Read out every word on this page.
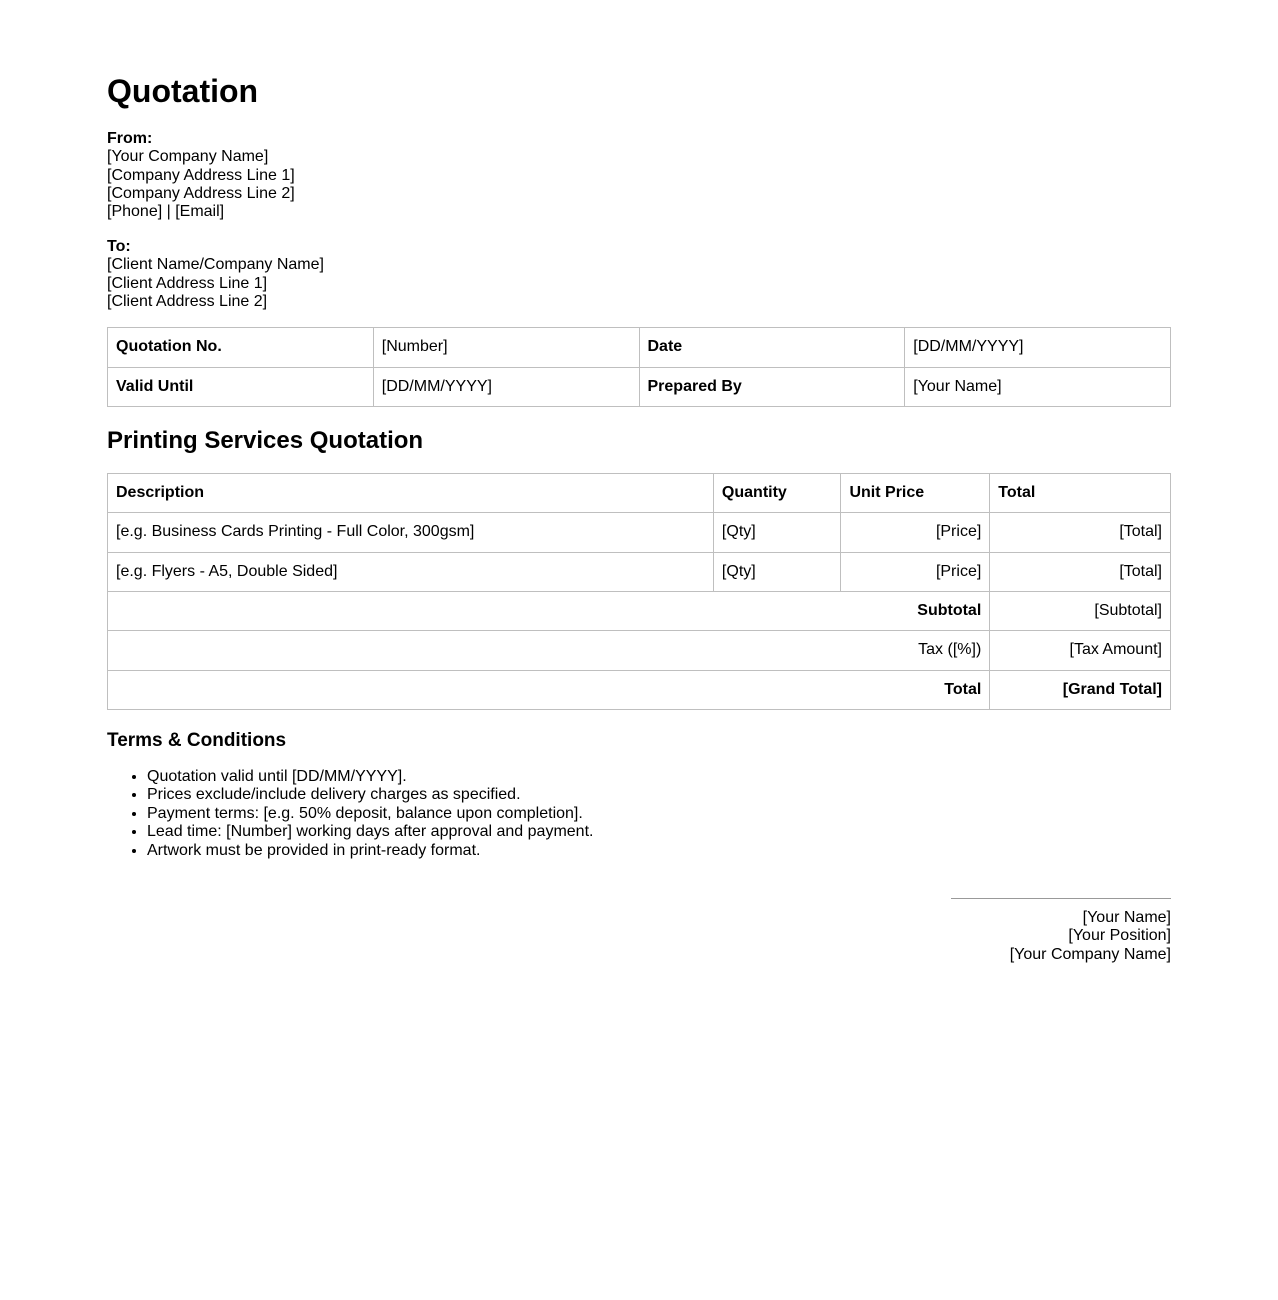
Quotation
From:
[Your Company Name]
[Company Address Line 1]
[Company Address Line 2]
[Phone] | [Email]
To:
[Client Name/Company Name]
[Client Address Line 1]
[Client Address Line 2]
Quotation No.	[Number]	Date	[DD/MM/YYYY]
Valid Until	[DD/MM/YYYY]	Prepared By	[Your Name]
Printing Services Quotation
Description	Quantity	Unit Price	Total
[e.g. Business Cards Printing - Full Color, 300gsm]	[Qty]	[Price]	[Total]
[e.g. Flyers - A5, Double Sided]	[Qty]	[Price]	[Total]
Subtotal			[Subtotal]
Tax ([%])			[Tax Amount]
Total			[Grand Total]
Terms & Conditions
• Quotation valid until [DD/MM/YYYY].
• Prices exclude/include delivery charges as specified.
• Payment terms: [e.g. 50% deposit, balance upon completion].
• Lead time: [Number] working days after approval and payment.
• Artwork must be provided in print-ready format.
[Your Name]
[Your Position]
[Your Company Name]
